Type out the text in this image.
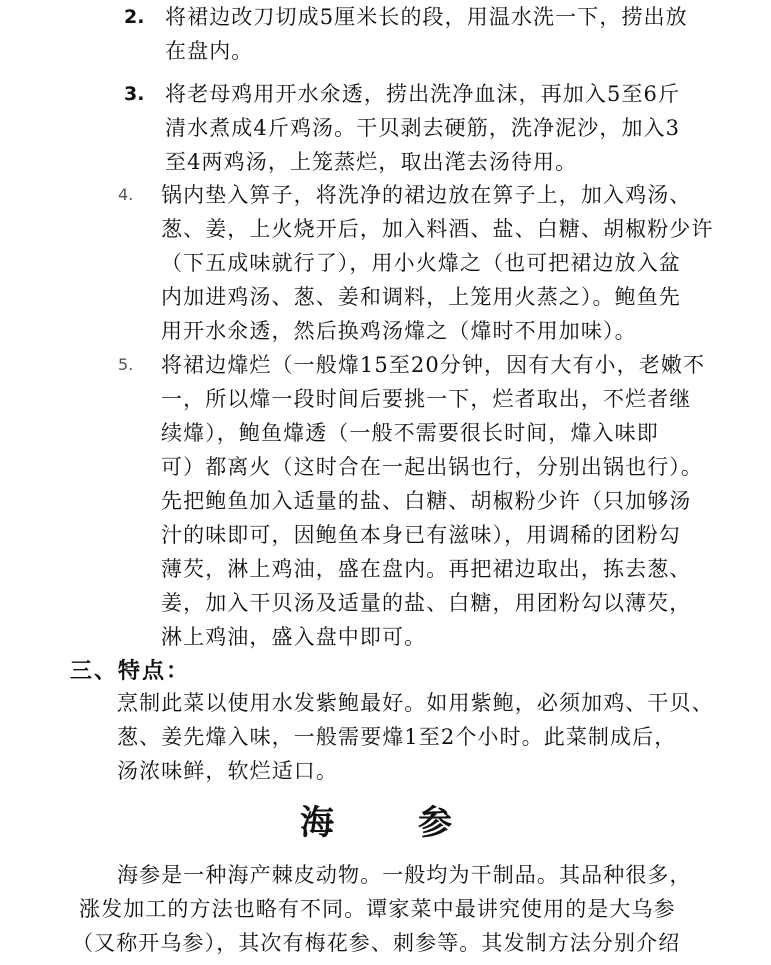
2. 将裙边改刀切成5厘米长的段，用温水洗一下，捞出放
在盘内。
3. 将老母鸡用开水氽透，捞出洗净血沫，再加入5至6斤
清水煮成4斤鸡汤。干贝剥去硬筋，洗净泥沙，加入3
至4两鸡汤，上笼蒸烂，取出滗去汤待用。
4. 锅内垫入箅子，将洗净的裙边放在箅子上，加入鸡汤、
葱、姜，上火烧开后，加入料酒、盐、白糖、胡椒粉少许
（下五成味就行了），用小火㸆之（也可把裙边放入盆
内加进鸡汤、葱、姜和调料，上笼用火蒸之）。鲍鱼先
用开水氽透，然后换鸡汤㸆之（㸆时不用加味）。
5. 将裙边㸆烂（一般㸆15至20分钟，因有大有小，老嫩不
一，所以㸆一段时间后要挑一下，烂者取出，不烂者继
续㸆），鲍鱼㸆透（一般不需要很长时间，㸆入味即
可）都离火（这时合在一起出锅也行，分别出锅也行）。
先把鲍鱼加入适量的盐、白糖、胡椒粉少许（只加够汤
汁的味即可，因鲍鱼本身已有滋味），用调稀的团粉勾
薄芡，淋上鸡油，盛在盘内。再把裙边取出，拣去葱、
姜，加入干贝汤及适量的盐、白糖，用团粉勾以薄芡，
淋上鸡油，盛入盘中即可。
三、特点：
烹制此菜以使用水发紫鲍最好。如用紫鲍，必须加鸡、干贝、
葱、姜先㸆入味，一般需要㸆1至2个小时。此菜制成后，
汤浓味鲜，软烂适口。
海参
海参是一种海产棘皮动物。一般均为干制品。其品种很多，
涨发加工的方法也略有不同。谭家菜中最讲究使用的是大乌参
（又称开乌参），其次有梅花参、刺参等。其发制方法分别介绍
